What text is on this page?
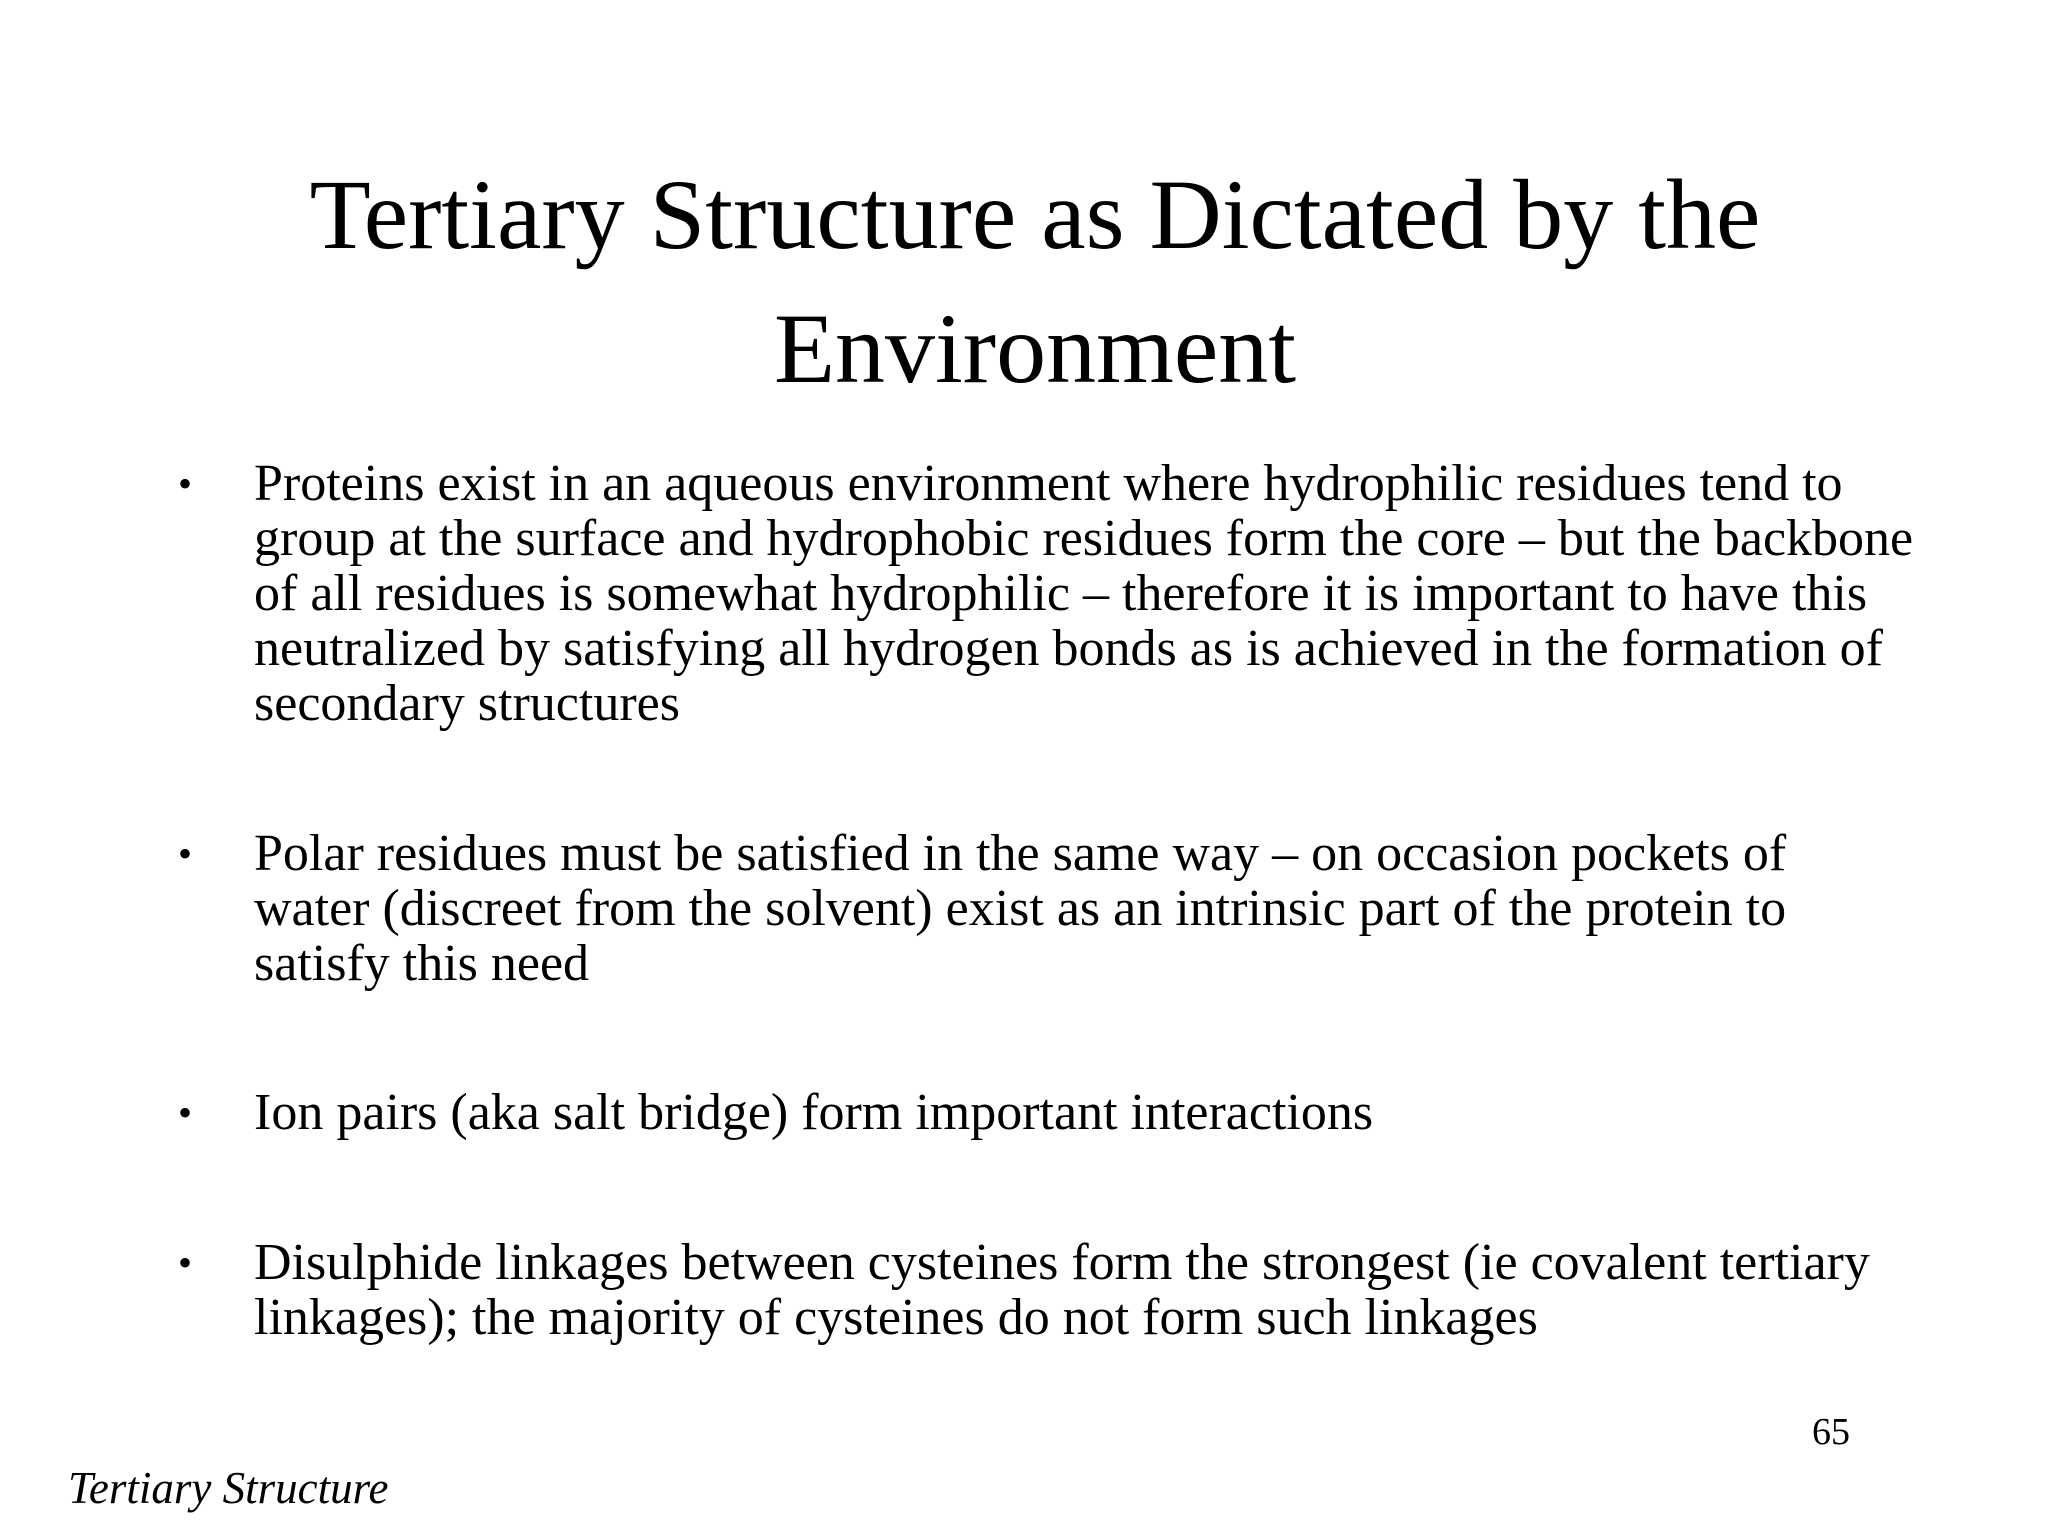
Tertiary Structure as Dictated by the Environment
•	Proteins exist in an aqueous environment where hydrophilic residues tend to group at the surface and hydrophobic residues form the core – but the backbone of all residues is somewhat hydrophilic – therefore it is important to have this neutralized by satisfying all hydrogen bonds as is achieved in the formation of secondary structures
•	Polar residues must be satisfied in the same way – on occasion pockets of water (discreet from the solvent) exist as an intrinsic part of the protein to satisfy this need
•	Ion pairs (aka salt bridge) form important interactions
•	Disulphide linkages between cysteines form the strongest (ie covalent tertiary linkages); the majority of cysteines do not form such linkages
Tertiary Structure
65
